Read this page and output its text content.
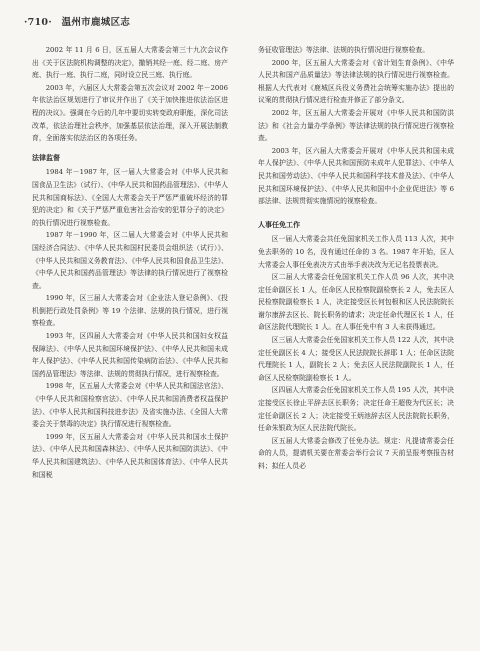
·710· 温州市鹿城区志

2002 年 11 月 6 日，区五届人大常委会第三十九次会议作出《关于区法院机构调整的决定》，撤销其经一庭、经二庭、房产庭、执行一庭、执行二庭，同时设立民三庭、执行庭。

2003 年，六届区人大常委会第五次会议对 2002 年－2006 年依法治区规划进行了审议并作出了《关于加快推进依法治区进程的决议》。强调在今后的几年中要切实转变政府职能，深化司法改革，依法治理社会秩序，加强基层依法治理，深入开展法制教育，全面落实依法治区的各项任务。

法律监督

1984 年－1987 年，区一届人大常委会对《中华人民共和国食品卫生法》（试行）、《中华人民共和国药品管理法》、《中华人民共和国商标法》、《全国人大常委会关于严惩严重破坏经济的罪犯的决定》和《关于严惩严重危害社会治安的犯罪分子的决定》的执行情况进行视察检查。

1987 年－1990 年，区二届人大常委会对《中华人民共和国经济合同法》、《中华人民共和国村民委员会组织法（试行）》、《中华人民共和国义务教育法》、《中华人民共和国食品卫生法》、《中华人民共和国药品管理法》等法律的执行情况进行了视察检查。

1990 年，区三届人大常委会对《企业法人登记条例》、《投机倒把行政处罚条例》等 19 个法律、法规的执行情况，进行视察检查。

1993 年，区四届人大常委会对《中华人民共和国妇女权益保障法》、《中华人民共和国环境保护法》、《中华人民共和国未成年人保护法》、《中华人民共和国传染病防治法》、《中华人民共和国药品管理法》等法律、法规的贯彻执行情况，进行视察检查。

1998 年，区五届人大常委会对《中华人民共和国法官法》、《中华人民共和国检察官法》、《中华人民共和国消费者权益保护法》、《中华人民共和国科技进步法》及省实施办法、《全国人大常委会关于禁毒的决定》执行情况进行视察检查。

1999 年，区五届人大常委会对《中华人民共和国水土保护法》、《中华人民共和国森林法》、《中华人民共和国防洪法》、《中华人民共和国建筑法》、《中华人民共和国体育法》、《中华人民共和国税

务征收管理法》等法律、法规的执行情况进行视察检查。

2000 年，区五届人大常委会对《省计划生育条例》、《中华人民共和国产品质量法》等法律法规的执行情况进行视察检查。根据人大代表对《鹿城区兵役义务费社会统筹实施办法》提出的议案的贯彻执行情况进行检查并修正了部分条文。

2002 年，区五届人大常委会开展对《中华人民共和国防洪法》和《社会力量办学条例》等法律法规的执行情况进行视察检查。

2003 年，区六届人大常委会开展对《中华人民共和国未成年人保护法》、《中华人民共和国预防未成年人犯罪法》、《中华人民共和国劳动法》、《中华人民共和国科学技术普及法》、《中华人民共和国环境保护法》、《中华人民共和国中小企业促进法》等 6 部法律、法规贯彻实施情况的视察检查。

人事任免工作

区一届人大常委会共任免国家机关工作人员 113 人次，其中免去职务的 10 名，没有通过任命的 3 名。1987 年开始，区人大常委会人事任免表决方式由举手表决改为无记名投票表决。

区二届人大常委会任免国家机关工作人员 96 人次，其中决定任命副区长 1 人，任命区人民检察院副检察长 2 人，免去区人民检察院副检察长 1 人，决定接受区长何包根和区人民法院院长谢尔康辞去区长、院长职务的请求；决定任命代理区长 1 人，任命区法院代理院长 1 人。在人事任免中有 3 人未获得通过。

区三届人大常委会任免国家机关工作人员 122 人次，其中决定任免副区长 4 人；接受区人民法院院长辞耶 1 人；任命区法院代理院长 1 人，副院长 2 人；免去区人民法院副院长 1 人，任命区人民检察院副检察长 1 人。

区四届人大常委会任免国家机关工作人员 195 人次，其中决定接受区长徐止平辞去区长职务；决定任命王超俊为代区长；决定任命副区长 2 人；决定接受王炳池辞去区人民法院院长职务，任命朱银政为区人民法院代院长。

区五届人大常委会修改了任免办法。规定：凡提请常委会任命的人员，提请机关要在常委会举行会议 7 天前呈报考察报告材料；拟任人员必
